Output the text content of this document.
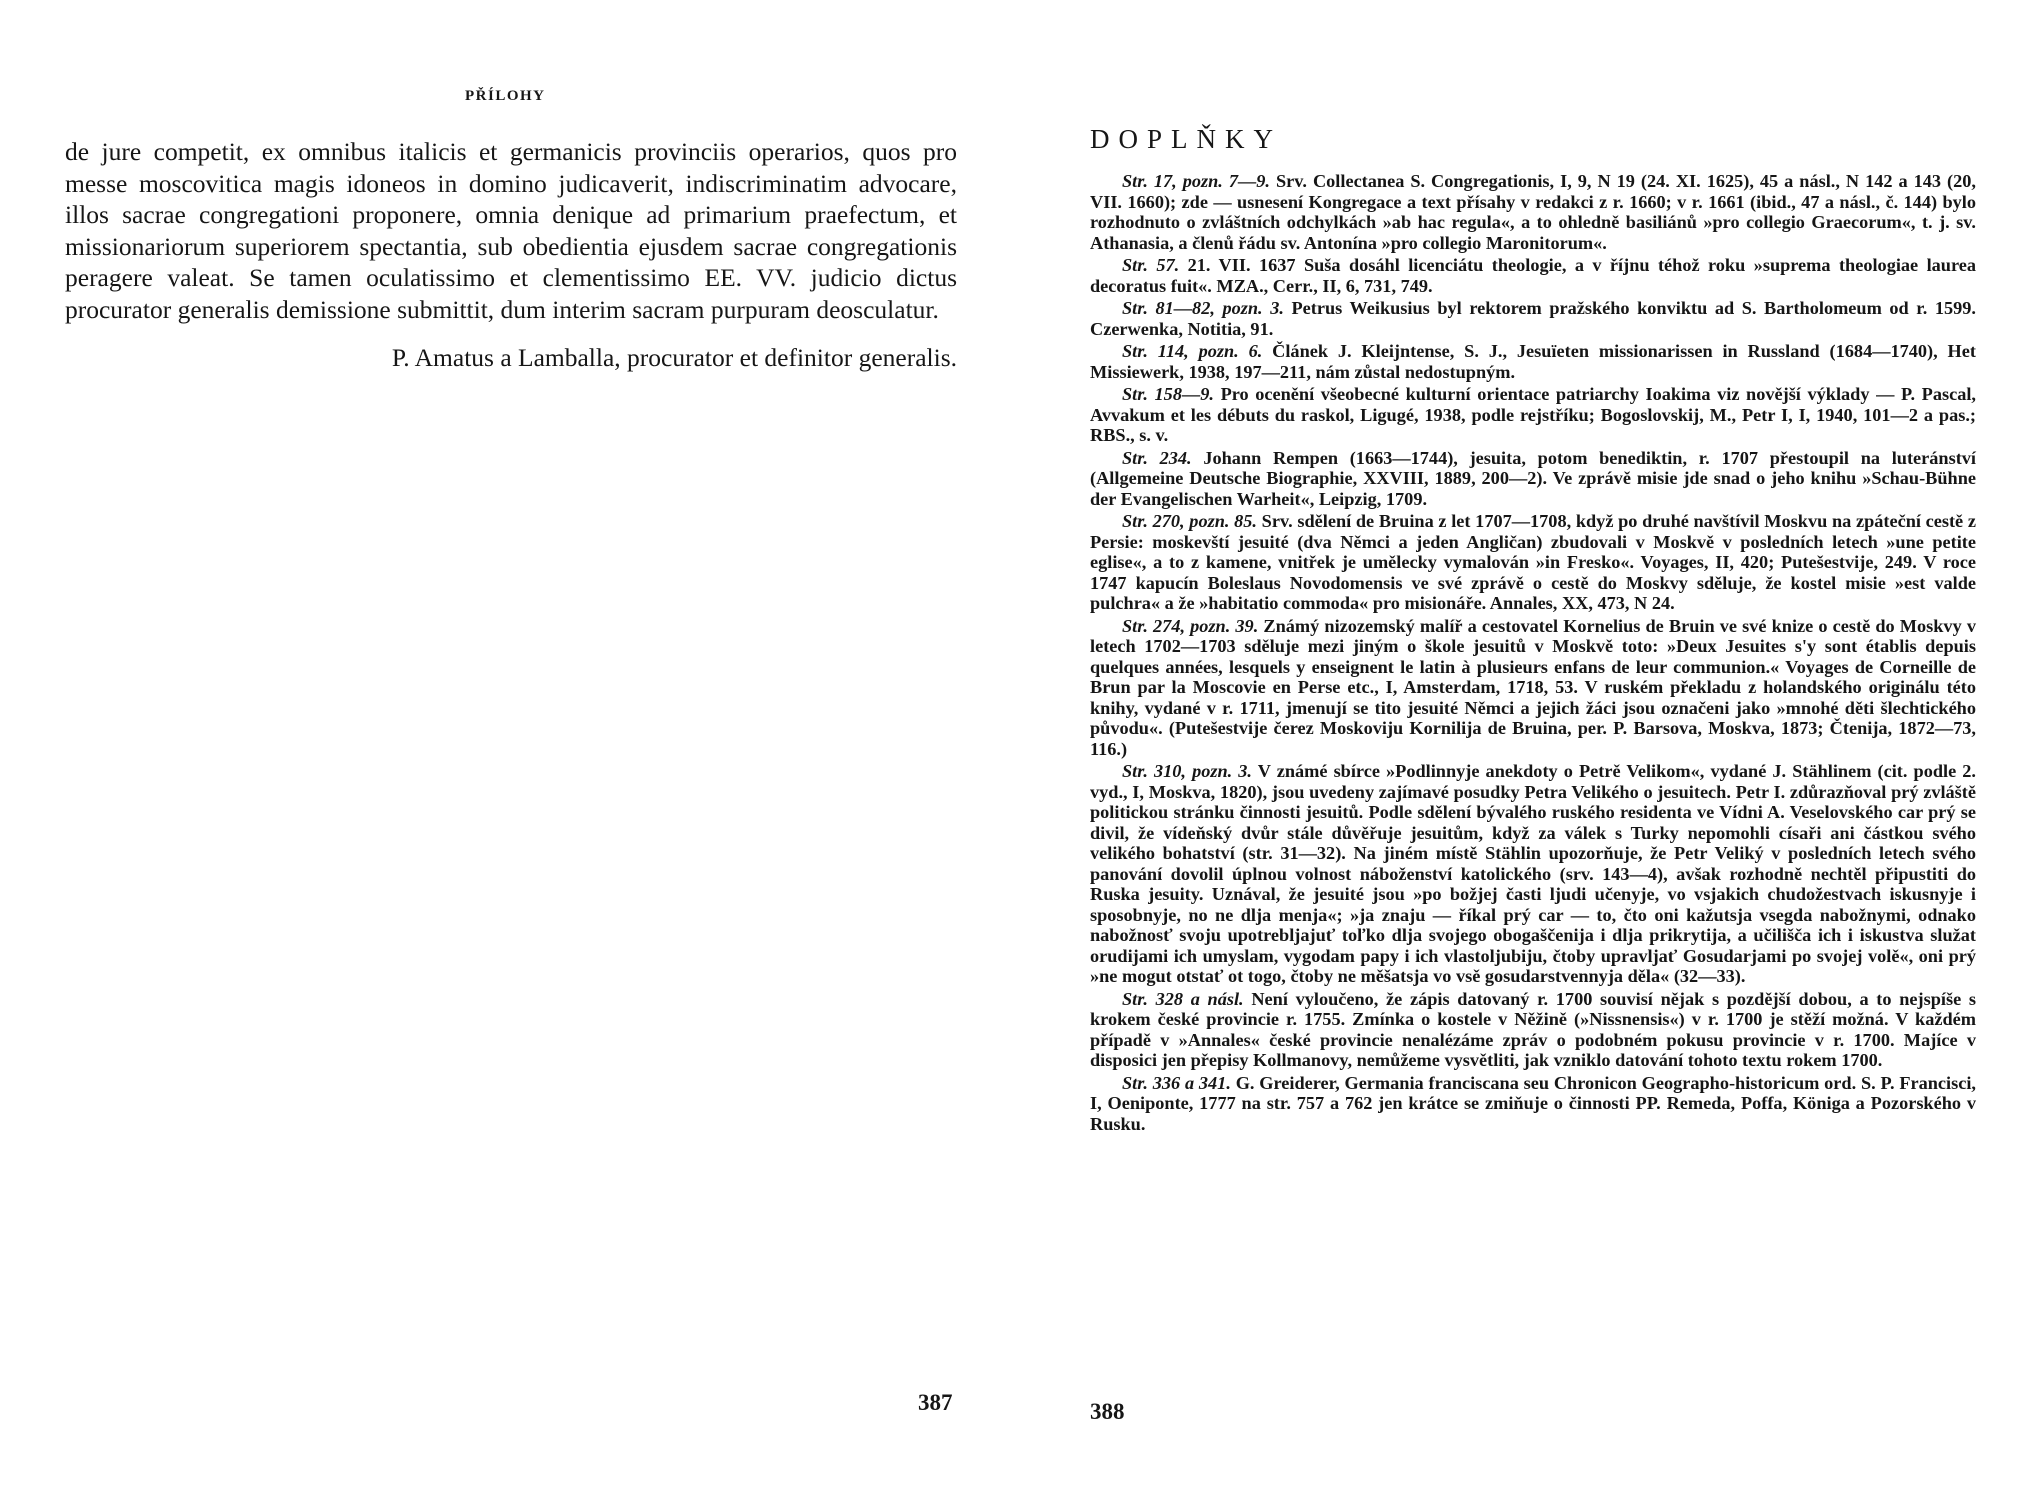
PŘÍLOHY

de jure competit, ex omnibus italicis et germanicis provinciis operarios, quos pro messe moscovitica magis idoneos in domino judicaverit, indiscriminatim advocare, illos sacrae congregationi proponere, omnia denique ad primarium praefectum, et missionariorum superiorem spectantia, sub obedientia ejusdem sacrae congregationis peragere valeat. Se tamen oculatissimo et clementissimo EE. VV. judicio dictus procurator generalis demissione submittit, dum interim sacram purpuram deosculatur.

P. Amatus a Lamballa, procurator et definitor generalis.

387
DOPLŇKY

Str. 17, pozn. 7—9. Srv. Collectanea S. Congregationis, I, 9, N 19 (24. XI. 1625), 45 a násl., N 142 a 143 (20, VII. 1660); zde — usnesení Kongregace a text přísahy v redakci z r. 1660; v r. 1661 (ibid., 47 a násl., č. 144) bylo rozhodnuto o zvláštních odchylkách »ab hac regula«, a to ohledně basiliánů »pro collegio Graecorum«, t. j. sv. Athanasia, a členů řádu sv. Antonína »pro collegio Maronitorum«.

Str. 57. 21. VII. 1637 Suša dosáhl licenciátu theologie, a v říjnu téhož roku »suprema theologiae laurea decoratus fuit«. MZA., Cerr., II, 6, 731, 749.

Str. 81—82, pozn. 3. Petrus Weikusius byl rektorem pražského konviktu ad S. Bartholomeum od r. 1599. Czerwenka, Notitia, 91.

Str. 114, pozn. 6. Článek J. Kleijntense, S. J., Jesuïeten missionarissen in Russland (1684—1740), Het Missiewerk, 1938, 197—211, nám zůstal nedostupným.

Str. 158—9. Pro ocenění všeobecné kulturní orientace patriarchy Ioakima viz novější výklady — P. Pascal, Avvakum et les débuts du raskol, Ligugé, 1938, podle rejstříku; Bogoslovskij, M., Petr I, I, 1940, 101—2 a pas.; RBS., s. v.

Str. 234. Johann Rempen (1663—1744), jesuita, potom benediktin, r. 1707 přestoupil na luteránství (Allgemeine Deutsche Biographie, XXVIII, 1889, 200—2). Ve zprávě misie jde snad o jeho knihu »Schau-Bühne der Evangelischen Warheit«, Leipzig, 1709.

Str. 270, pozn. 85. Srv. sdělení de Bruina z let 1707—1708, když po druhé navštívil Moskvu na zpáteční cestě z Persie: moskevští jesuité (dva Němci a jeden Angličan) zbudovali v Moskvě v posledních letech »une petite eglise«, a to z kamene, vnitřek je umělecky vymalován »in Fresko«. Voyages, II, 420; Putešestvije, 249. V roce 1747 kapucín Boleslaus Novodomensis ve své zprávě o cestě do Moskvy sděluje, že kostel misie »est valde pulchra« a že »habitatio commoda« pro misionáře. Annales, XX, 473, N 24.

Str. 274, pozn. 39. Známý nizozemský malíř a cestovatel Kornelius de Bruin ve své knize o cestě do Moskvy v letech 1702—1703 sděluje mezi jiným o škole jesuitů v Moskvě toto: »Deux Jesuites s'y sont établis depuis quelques années, lesquels y enseignent le latin à plusieurs enfans de leur communion.« Voyages de Corneille de Brun par la Moscovie en Perse etc., I, Amsterdam, 1718, 53. V ruském překladu z holandského originálu této knihy, vydané v r. 1711, jmenují se tito jesuité Němci a jejich žáci jsou označeni jako »mnohé děti šlechtického původu«. (Putešestvije čerez Moskoviju Kornilija de Bruina, per. P. Barsova, Moskva, 1873; Čtenija, 1872—73, 116.)

Str. 310, pozn. 3. V známé sbírce »Podlinnyje anekdoty o Petrě Velikom«, vydané J. Stählinem (cit. podle 2. vyd., I, Moskva, 1820), jsou uvedeny zajímavé posudky Petra Velikého o jesuitech. Petr I. zdůrazňoval prý zvláště politickou stránku činnosti jesuitů. Podle sdělení bývalého ruského residenta ve Vídni A. Veselovského car prý se divil, že vídeňský dvůr stále důvěřuje jesuitům, když za válek s Turky nepomohli císaři ani částkou svého velikého bohatství (str. 31—32). Na jiném místě Stählin upozorňuje, že Petr Veliký v posledních letech svého panování dovolil úplnou volnost náboženství katolického (srv. 143—4), avšak rozhodně nechtěl připustiti do Ruska jesuity. Uznával, že jesuité jsou »po božjej časti ljudi učenyje, vo vsjakich chudožestvach iskusnyje i sposobnyje, no ne dlja menja«; »ja znaju — říkal prý car — to, čto oni kažutsja vsegda nabožnymi, odnako nabožnosť svoju upotrebljajuť toľko dlja svojego obogaščenija i dlja prikrytija, a učilišča ich i iskustva služat orudijami ich umyslam, vygodam papy i ich vlastoljubiju, čtoby upravljať Gosudarjami po svojej volě«, oni prý »ne mogut otstať ot togo, čtoby ne měšatsja vo vsě gosudarstvennyja děla« (32—33).

Str. 328 a násl. Není vyloučeno, že zápis datovaný r. 1700 souvisí nějak s pozdější dobou, a to nejspíše s krokem české provincie r. 1755. Zmínka o kostele v Něžině (»Nissnensis«) v r. 1700 je stěží možná. V každém případě v »Annales« české provincie nenalézáme zpráv o podobném pokusu provincie v r. 1700. Majíce v disposici jen přepisy Kollmanovy, nemůžeme vysvětliti, jak vzniklo datování tohoto textu rokem 1700.

Str. 336 a 341. G. Greiderer, Germania franciscana seu Chronicon Geographo-historicum ord. S. P. Francisci, I, Oeniponte, 1777 na str. 757 a 762 jen krátce se zmiňuje o činnosti PP. Remeda, Poffa, Königa a Pozorského v Rusku.

388
